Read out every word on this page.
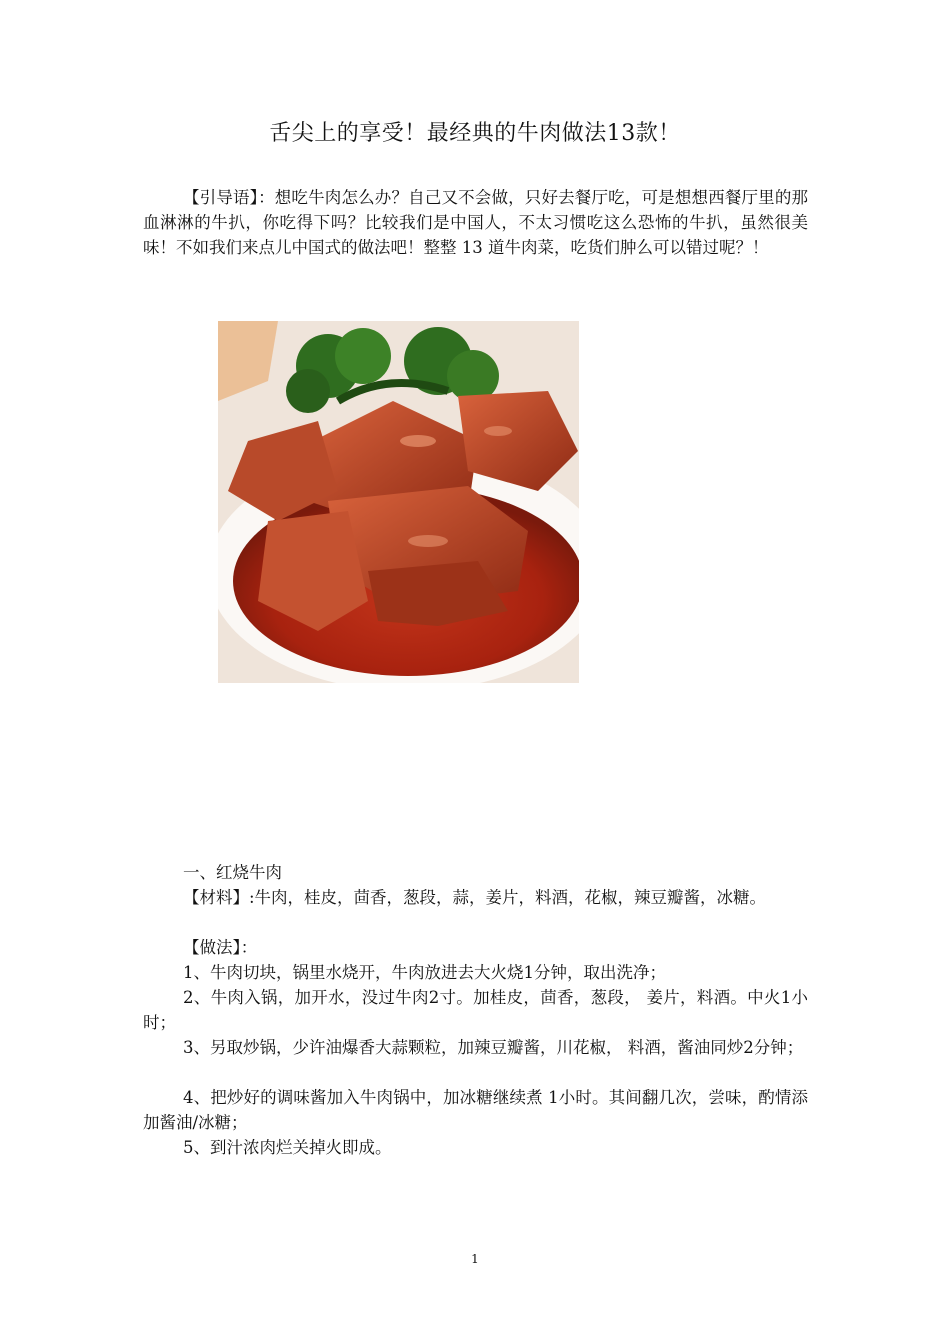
舌尖上的享受！最经典的牛肉做法13款！

【引导语】：想吃牛肉怎么办？自己又不会做，只好去餐厅吃，可是想想西餐厅里的那血淋淋的牛扒，你吃得下吗？比较我们是中国人，不太习惯吃这么恐怖的牛扒，虽然很美味！不如我们来点儿中国式的做法吧！整整 13 道牛肉菜，吃货们肿么可以错过呢？！

一、红烧牛肉

【材料】:牛肉，桂皮，茴香，葱段，蒜，姜片，料酒，花椒，辣豆瓣酱，冰糖。

【做法】：

1、牛肉切块，锅里水烧开，牛肉放进去大火烧1分钟，取出洗净；

2、牛肉入锅，加开水，没过牛肉2寸。加桂皮，茴香，葱段， 姜片，料酒。中火1小时；

3、另取炒锅，少许油爆香大蒜颗粒，加辣豆瓣酱，川花椒， 料酒，酱油同炒2分钟；

4、把炒好的调味酱加入牛肉锅中，加冰糖继续煮 1小时。其间翻几次，尝味，酌情添加酱油/冰糖；

5、到汁浓肉烂关掉火即成。

1
